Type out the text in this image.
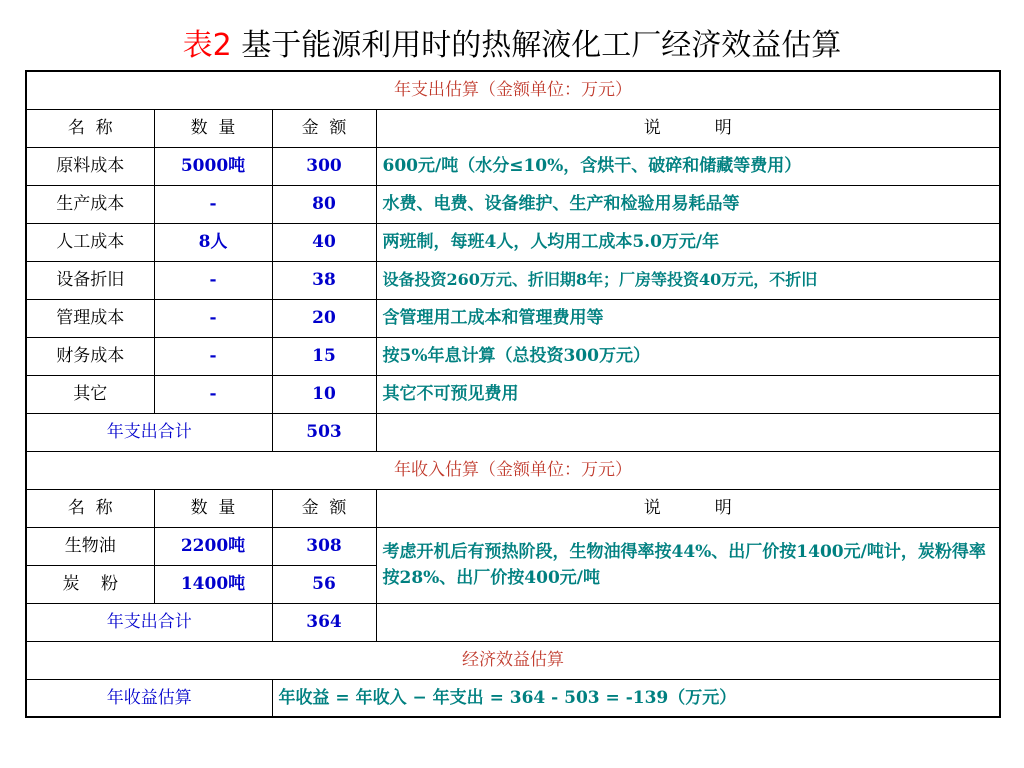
表2 基于能源利用时的热解液化工厂经济效益估算
年支出估算（金额单位：万元）			
名  称	数  量	金  额	说          明
原料成本	5000吨	300	600元/吨（水分≤10%，含烘干、破碎和储藏等费用）
生产成本	-	80	水费、电费、设备维护、生产和检验用易耗品等
人工成本	8人	40	两班制，每班4人，人均用工成本5.0万元/年
设备折旧	-	38	设备投资260万元、折旧期8年；厂房等投资40万元，不折旧
管理成本	-	20	含管理用工成本和管理费用等
财务成本	-	15	按5%年息计算（总投资300万元）
其它	-	10	其它不可预见费用
年支出合计		503	
年收入估算（金额单位：万元）			
名  称	数  量	金  额	说          明
生物油	2200吨	308	考虑开机后有预热阶段，生物油得率按44%、出厂价按1400元/吨计，炭粉得率按28%、出厂价按400元/吨
炭    粉	1400吨	56	
年支出合计		364	
经济效益估算			
年收益估算		年收益 = 年收入 − 年支出 = 364 - 503 = -139（万元）	
